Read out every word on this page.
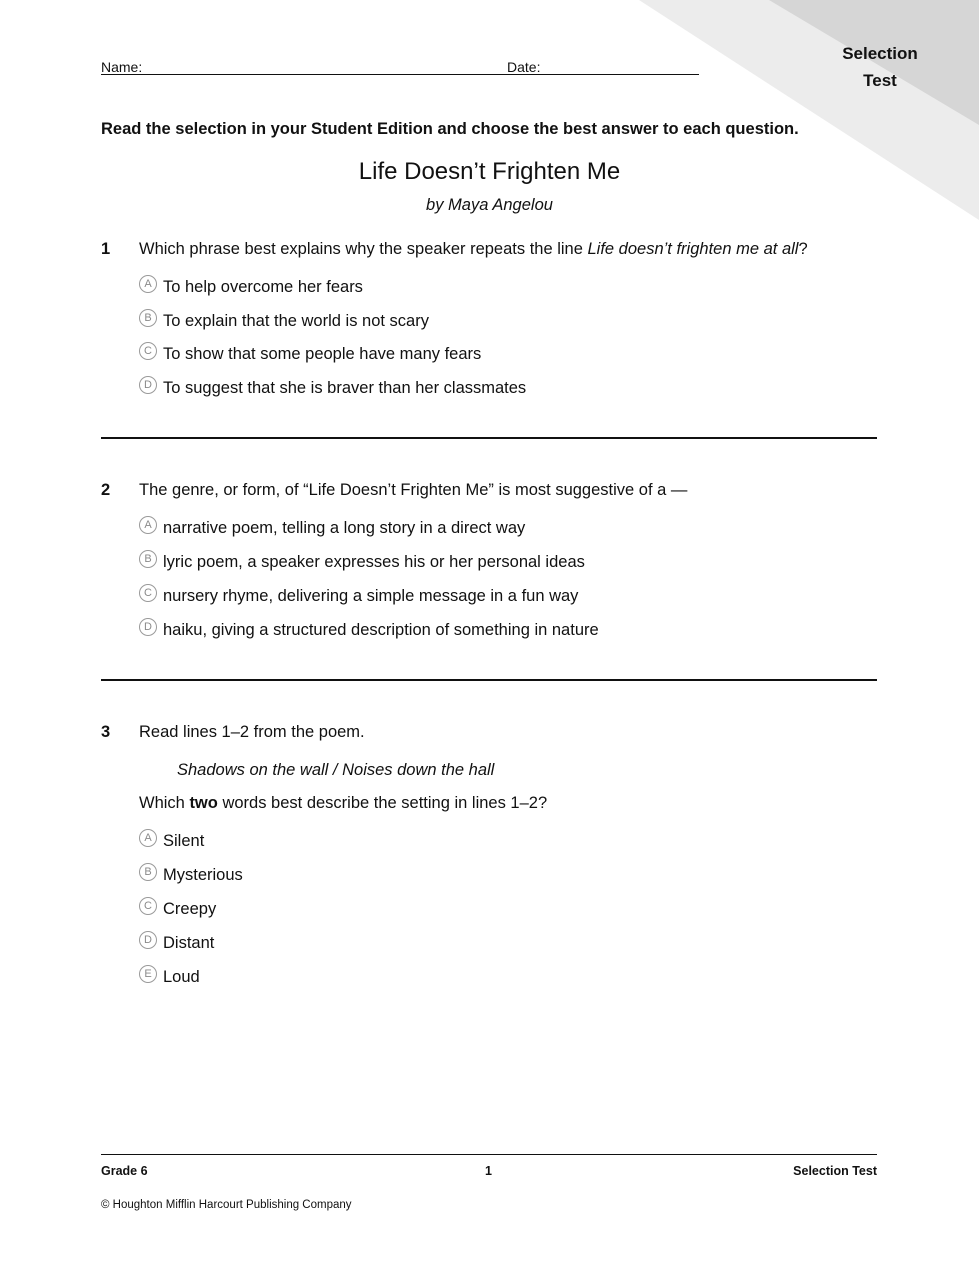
Selection
Test
Name:	Date:
Read the selection in your Student Edition and choose the best answer to each question.
Life Doesn’t Frighten Me
by Maya Angelou
1 Which phrase best explains why the speaker repeats the line Life doesn’t frighten me at all?
A To help overcome her fears
B To explain that the world is not scary
C To show that some people have many fears
D To suggest that she is braver than her classmates
2 The genre, or form, of “Life Doesn’t Frighten Me” is most suggestive of a —
A narrative poem, telling a long story in a direct way
B lyric poem, a speaker expresses his or her personal ideas
C nursery rhyme, delivering a simple message in a fun way
D haiku, giving a structured description of something in nature
3 Read lines 1–2 from the poem.
Shadows on the wall / Noises down the hall
Which two words best describe the setting in lines 1–2?
A Silent
B Mysterious
C Creepy
D Distant
E Loud
Grade 6	1	Selection Test
© Houghton Mifflin Harcourt Publishing Company
